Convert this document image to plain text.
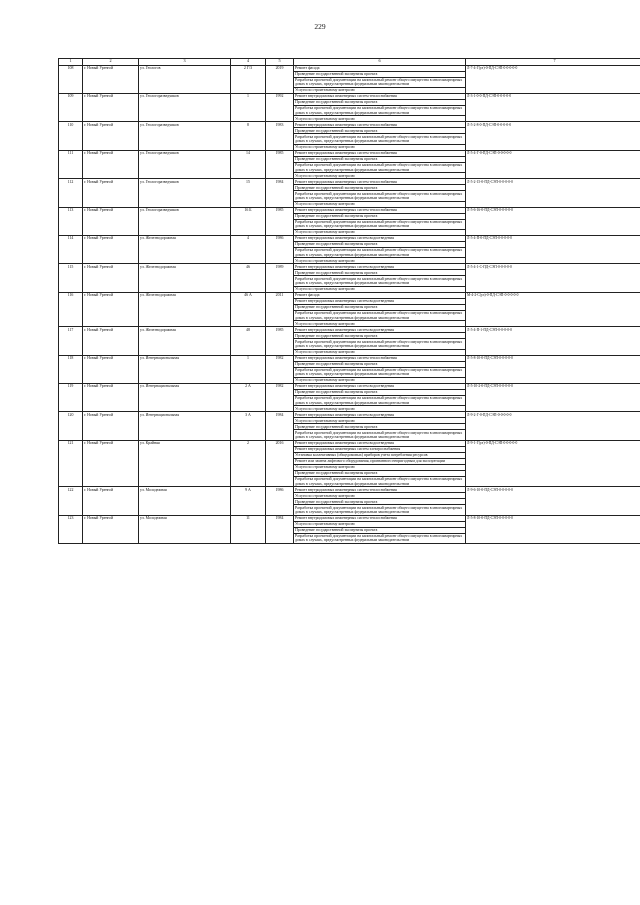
229
1	2	3	4	5	6	7
108	г. Новый Уренгой	ул. Геологов	2 Г/3	2019	Ремонт фасада	Л-7-4-Г(ул)-0-ПД-СЭП-0-0-0-0-0
					Проведение государственной экспертизы проекта	
					Разработка проектной документации на капитальный ремонт общего имущества в многоквартирных домах в случаях, предусмотренных федеральным законодательством	
					Услуги по строительному контролю	
109	г. Новый Уренгой	ул. Геологоразведчиков	1	1992	Ремонт внутридомовых инженерных систем теплоснабжения	Л-3-1-0-0-ПД-СЭП-0-0-0-0-0
					Проведение государственной экспертизы проекта	
					Разработка проектной документации на капитальный ремонт общего имущества в многоквартирных домах в случаях, предусмотренных федеральным законодательством	
					Услуги по строительному контролю	
110	г. Новый Уренгой	ул. Геологоразведчиков	8	1983	Ремонт внутридомовых инженерных систем теплоснабжения	Л-5-2-8-0-ПД-СЭП-0-0-0-0-0
					Проведение государственной экспертизы проекта	
					Разработка проектной документации на капитальный ремонт общего имущества в многоквартирных домах в случаях, предусмотренных федеральным законодательством	
					Услуги по строительному контролю	
111	г. Новый Уренгой	ул. Геологоразведчиков	14	1985	Ремонт внутридомовых инженерных систем теплоснабжения	Л-5-4-Г-0-ПД-СЭП-0-0-0-0-0
					Проведение государственной экспертизы проекта	
					Разработка проектной документации на капитальный ремонт общего имущества в многоквартирных домах в случаях, предусмотренных федеральным законодательством	
					Услуги по строительному контролю	
112	г. Новый Уренгой	ул. Геологоразведчиков	15	1984	Ремонт внутридомовых инженерных систем теплоснабжения	Л-5-2-15-0-ПД-СЭП-0-0-0-0-0
					Проведение государственной экспертизы проекта	
					Разработка проектной документации на капитальный ремонт общего имущества в многоквартирных домах в случаях, предусмотренных федеральным законодательством	
					Услуги по строительному контролю	
113	г. Новый Уренгой	ул. Геологоразведчиков	16 Б	1985	Ремонт внутридомовых инженерных систем теплоснабжения	Л-5-6-16-0-ПД-СЭП-0-0-0-0-0
					Проведение государственной экспертизы проекта	
					Разработка проектной документации на капитальный ремонт общего имущества в многоквартирных домах в случаях, предусмотренных федеральным законодательством	
					Услуги по строительному контролю	
114	г. Новый Уренгой	ул. Железнодорожная	4	1986	Ремонт внутридомовых инженерных систем водоотведения	Л-5-4-П-0-ПД-СЭП-0-0-0-0-0
					Проведение государственной экспертизы проекта	
					Разработка проектной документации на капитальный ремонт общего имущества в многоквартирных домах в случаях, предусмотренных федеральным законодательством	
					Услуги по строительному контролю	
115	г. Новый Уренгой	ул. Железнодорожная	46	1989	Ремонт внутридомовых инженерных систем водоотведения	Л-5-4-1-С-ПД-СЭП-0-0-0-0-0
					Проведение государственной экспертизы проекта	
					Разработка проектной документации на капитальный ремонт общего имущества в многоквартирных домах в случаях, предусмотренных федеральным законодательством	
					Услуги по строительному контролю	
116	г. Новый Уренгой	ул. Железнодорожная	46 А	2011	Ремонт фасада	М-4-2-С(ул)-0-ПД-СЭП-0-0-0-0-0
					Ремонт внутридомовых инженерных систем водоотведения	
					Проведение государственной экспертизы проекта	
					Разработка проектной документации на капитальный ремонт общего имущества в многоквартирных домах в случаях, предусмотренных федеральным законодательством	
					Услуги по строительному контролю	
117	г. Новый Уренгой	ул. Железнодорожная	48	1985	Ремонт внутридомовых инженерных систем водоотведения	Л-5-4-П-1-ПД-СЭП-0-0-0-0-0
					Проведение государственной экспертизы проекта	
					Разработка проектной документации на капитальный ремонт общего имущества в многоквартирных домах в случаях, предусмотренных федеральным законодательством	
					Услуги по строительному контролю	
118	г. Новый Уренгой	ул. Интернациональная	1	1982	Ремонт внутридомовых инженерных систем теплоснабжения	Л-5-8-10-0-ПД-СЭП-0-0-0-0-0
					Проведение государственной экспертизы проекта	
					Разработка проектной документации на капитальный ремонт общего имущества в многоквартирных домах в случаях, предусмотренных федеральным законодательством	
					Услуги по строительному контролю	
119	г. Новый Уренгой	ул. Интернациональная	2 А	1982	Ремонт внутридомовых инженерных систем водоотведения	Л-5-10-2-0-ПД-СЭП-0-0-0-0-0
					Проведение государственной экспертизы проекта	
					Разработка проектной документации на капитальный ремонт общего имущества в многоквартирных домах в случаях, предусмотренных федеральным законодательством	
					Услуги по строительному контролю	
120	г. Новый Уренгой	ул. Интернациональная	3 А	1984	Ремонт внутридомовых инженерных систем водоотведения	Л-9-2-Г-0-ПД-СЭП-0-0-0-0-0
					Услуги по строительному контролю	
					Проведение государственной экспертизы проекта	
					Разработка проектной документации на капитальный ремонт общего имущества в многоквартирных домах в случаях, предусмотренных федеральным законодательством	
121	г. Новый Уренгой	ул. Крайняя	2	2016	Ремонт внутридомовых инженерных систем водоотведения	Л-9-1-Г(ул)-0-ПД-СЭП-0-0-0-0-0
					Ремонт внутридомовых инженерных систем электроснабжения	
					Установка коллективных (общедомовых) приборов учета потребления ресурсов	
					Ремонт или замена лифтового оборудования, признанного непригодным для эксплуатации	
					Услуги по строительному контролю	
					Проведение государственной экспертизы проекта	
					Разработка проектной документации на капитальный ремонт общего имущества в многоквартирных домах в случаях, предусмотренных федеральным законодательством	
122	г. Новый Уренгой	ул. Молодежная	9 А	1986	Ремонт внутридомовых инженерных систем теплоснабжения	Л-9-6-10-0-ПД-СЭП-0-0-0-0-0
					Услуги по строительному контролю	
					Проведение государственной экспертизы проекта	
					Разработка проектной документации на капитальный ремонт общего имущества в многоквартирных домах в случаях, предусмотренных федеральным законодательством	
123	г. Новый Уренгой	ул. Молодежная	11	1984	Ремонт внутридомовых инженерных систем теплоснабжения	Л-5-8-10-0-ПД-СЭП-0-0-0-0-0
					Услуги по строительному контролю	
					Проведение государственной экспертизы проекта	
					Разработка проектной документации на капитальный ремонт общего имущества в многоквартирных домах в случаях, предусмотренных федеральным законодательством	
